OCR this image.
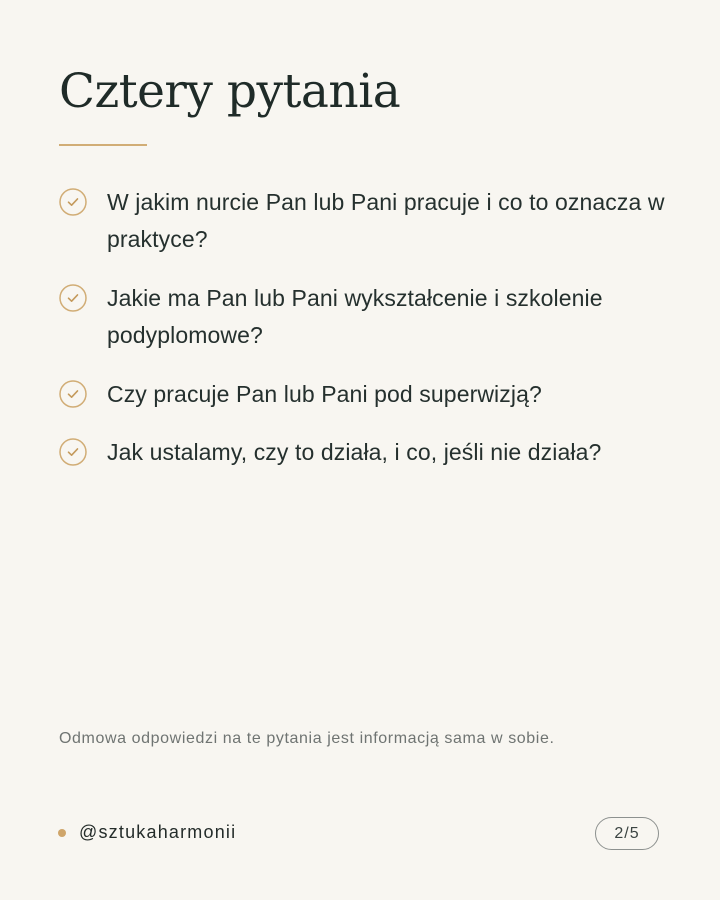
Cztery pytania
W jakim nurcie Pan lub Pani pracuje i co to oznacza w praktyce?
Jakie ma Pan lub Pani wykształcenie i szkolenie podyplomowe?
Czy pracuje Pan lub Pani pod superwizją?
Jak ustalamy, czy to działa, i co, jeśli nie działa?
Odmowa odpowiedzi na te pytania jest informacją sama w sobie.
@sztukaharmonii	2/5
